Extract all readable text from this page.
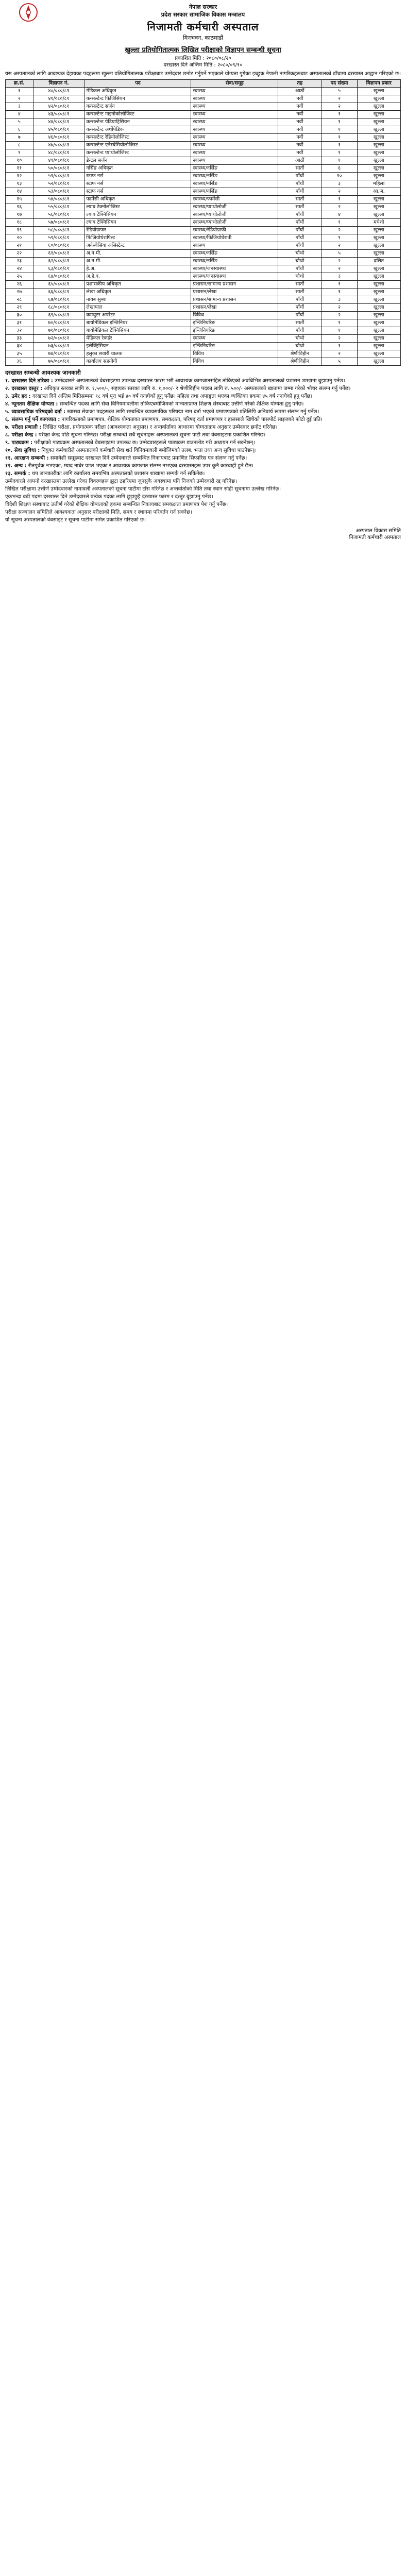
नेपाल सरकार
प्रदेश सरकार सामाजिक विकास मन्त्रालय
निजामती कर्मचारी अस्पताल
मिनभवन, काठमाडौं
खुल्ला प्रतियोगितात्मक लिखित परीक्षाको विज्ञापन सम्बन्धी सूचना
प्रकाशित मिति : २०८०/०८/२०
दरखास्त दिने अन्तिम मिति : २०८०/०९/१०
यस अस्पतालको लागि आवश्यक देहायका पदहरूमा खुल्ला प्रतियोगितात्मक परीक्षाबाट उम्मेदवार छनोट गर्नुपर्ने भएकाले योग्यता पुगेका इच्छुक नेपाली नागरिकहरूबाट अस्पतालको ढाँचामा दरखास्त आह्वान गरिएको छ।
क्र.सं.	विज्ञापन नं.	पद	सेवा/समूह	तह	पद संख्या	विज्ञापन प्रकार
१	४०/०८०/८१	मेडिकल अधिकृत	स्वास्थ्य	आठौं	५	खुल्ला
२	४१/०८०/८१	कन्सल्टेन्ट फिजिसियन	स्वास्थ्य	नवौं	२	खुल्ला
३	४२/०८०/८१	कन्सल्टेन्ट सर्जन	स्वास्थ्य	नवौं	२	खुल्ला
४	४३/०८०/८१	कन्सल्टेन्ट गाइनोकोलोजिस्ट	स्वास्थ्य	नवौं	१	खुल्ला
५	४४/०८०/८१	कन्सल्टेन्ट पेडियाट्रिसियन	स्वास्थ्य	नवौं	१	खुल्ला
६	४५/०८०/८१	कन्सल्टेन्ट अर्थोपेडिक	स्वास्थ्य	नवौं	१	खुल्ला
७	४६/०८०/८१	कन्सल्टेन्ट रेडियोलोजिस्ट	स्वास्थ्य	नवौं	१	खुल्ला
८	४७/०८०/८१	कन्सल्टेन्ट एनेस्थेसियोलोजिस्ट	स्वास्थ्य	नवौं	१	खुल्ला
९	४८/०८०/८१	कन्सल्टेन्ट प्याथोलोजिस्ट	स्वास्थ्य	नवौं	१	खुल्ला
१०	४९/०८०/८१	डेन्टल सर्जन	स्वास्थ्य	आठौं	१	खुल्ला
११	५०/०८०/८१	नर्सिङ अधिकृत	स्वास्थ्य/नर्सिङ	सातौं	६	खुल्ला
१२	५१/०८०/८१	स्टाफ नर्स	स्वास्थ्य/नर्सिङ	पाँचौं	१०	खुल्ला
१३	५२/०८०/८१	स्टाफ नर्स	स्वास्थ्य/नर्सिङ	पाँचौं	३	महिला
१४	५३/०८०/८१	स्टाफ नर्स	स्वास्थ्य/नर्सिङ	पाँचौं	२	आ.ज.
१५	५४/०८०/८१	फार्मेसी अधिकृत	स्वास्थ्य/फार्मेसी	सातौं	१	खुल्ला
१६	५५/०८०/८१	ल्याब टेक्नोलोजिस्ट	स्वास्थ्य/प्याथोलोजी	सातौं	२	खुल्ला
१७	५६/०८०/८१	ल्याब टेक्निसियन	स्वास्थ्य/प्याथोलोजी	पाँचौं	४	खुल्ला
१८	५७/०८०/८१	ल्याब टेक्निसियन	स्वास्थ्य/प्याथोलोजी	पाँचौं	१	मधेशी
१९	५८/०८०/८१	रेडियोग्राफर	स्वास्थ्य/रेडियोग्राफी	पाँचौं	२	खुल्ला
२०	५९/०८०/८१	फिजियोथेरापिस्ट	स्वास्थ्य/फिजियोथेरापी	पाँचौं	१	खुल्ला
२१	६०/०८०/८१	अनेस्थेसिया असिस्टेन्ट	स्वास्थ्य	पाँचौं	२	खुल्ला
२२	६१/०८०/८१	अ.न.मी.	स्वास्थ्य/नर्सिङ	चौथो	५	खुल्ला
२३	६२/०८०/८१	अ.न.मी.	स्वास्थ्य/नर्सिङ	चौथो	२	दलित
२४	६३/०८०/८१	हे.अ.	स्वास्थ्य/जनस्वास्थ्य	पाँचौं	२	खुल्ला
२५	६४/०८०/८१	अ.हे.व.	स्वास्थ्य/जनस्वास्थ्य	चौथो	३	खुल्ला
२६	६५/०८०/८१	प्रशासकीय अधिकृत	प्रशासन/सामान्य प्रशासन	सातौं	१	खुल्ला
२७	६६/०८०/८१	लेखा अधिकृत	प्रशासन/लेखा	सातौं	१	खुल्ला
२८	६७/०८०/८१	नायब सुब्बा	प्रशासन/सामान्य प्रशासन	पाँचौं	३	खुल्ला
२९	६८/०८०/८१	लेखापाल	प्रशासन/लेखा	पाँचौं	२	खुल्ला
३०	६९/०८०/८१	कम्प्युटर अपरेटर	विविध	पाँचौं	२	खुल्ला
३१	७०/०८०/८१	बायोमेडिकल इन्जिनियर	इन्जिनियरिङ	सातौं	१	खुल्ला
३२	७१/०८०/८१	बायोमेडिकल टेक्निसियन	इन्जिनियरिङ	पाँचौं	१	खुल्ला
३३	७२/०८०/८१	मेडिकल रेकर्डर	स्वास्थ्य	चौथो	२	खुल्ला
३४	७३/०८०/८१	इलेक्ट्रिसियन	इन्जिनियरिङ	चौथो	१	खुल्ला
३५	७४/०८०/८१	हलुका सवारी चालक	विविध	श्रेणीविहीन	२	खुल्ला
३६	७५/०८०/८१	कार्यालय सहयोगी	विविध	श्रेणीविहीन	५	खुल्ला
दरखास्त सम्बन्धी आवश्यक जानकारी
१. दरखास्त दिने तरिका : उम्मेदवारले अस्पतालको वेबसाइटमा उपलब्ध दरखास्त फारम भरी आवश्यक कागजातसहित तोकिएको अवधिभित्र अस्पतालको प्रशासन शाखामा बुझाउनु पर्नेछ।
२. दरखास्त दस्तुर : अधिकृत स्तरका लागि रु. १,५००/-, सहायक स्तरका लागि रु. १,०००/- र श्रेणीविहीन पदका लागि रु. ५००/- अस्पतालको खातामा जम्मा गरेको भौचर संलग्न गर्नु पर्नेछ।
३. उमेर हद : दरखास्त दिने अन्तिम मितिसम्ममा १८ वर्ष पूरा भई ४० वर्ष ननाघेको हुनु पर्नेछ। महिला तथा अपाङ्गता भएका व्यक्तिका हकमा ४५ वर्ष ननाघेको हुनु पर्नेछ।
४. न्यूनतम शैक्षिक योग्यता : सम्बन्धित पदका लागि सेवा विनियमावलीमा तोकिएबमोजिमको मान्यताप्राप्त शिक्षण संस्थाबाट उत्तीर्ण गरेको शैक्षिक योग्यता हुनु पर्नेछ।
५. व्यावसायिक परिषद्को दर्ता : स्वास्थ्य सेवाका पदहरूका लागि सम्बन्धित व्यावसायिक परिषद्मा नाम दर्ता भएको प्रमाणपत्रको प्रतिलिपि अनिवार्य रूपमा संलग्न गर्नु पर्नेछ।
६. संलग्न गर्नु पर्ने कागजात : नागरिकताको प्रमाणपत्र, शैक्षिक योग्यताका प्रमाणपत्र, समकक्षता, परिषद् दर्ता प्रमाणपत्र र हालसालै खिचेको पासपोर्ट साइजको फोटो दुई प्रति।
७. परीक्षा प्रणाली : लिखित परीक्षा, प्रयोगात्मक परीक्षा (आवश्यकता अनुसार) र अन्तर्वार्ताका आधारमा योग्यताक्रम अनुसार उम्मेदवार छनोट गरिनेछ।
८. परीक्षा केन्द्र : परीक्षा केन्द्र पछि सूचना गरिनेछ। परीक्षा सम्बन्धी सबै सूचनाहरू अस्पतालको सूचना पाटी तथा वेबसाइटमा प्रकाशित गरिनेछ।
९. पाठ्यक्रम : परीक्षाको पाठ्यक्रम अस्पतालको वेबसाइटमा उपलब्ध छ। उम्मेदवारहरूले पाठ्यक्रम डाउनलोड गरी अध्ययन गर्न सक्नेछन्।
१०. सेवा सुविधा : नियुक्त कर्मचारीले अस्पतालको कर्मचारी सेवा शर्त विनियमावली बमोजिमको तलब, भत्ता तथा अन्य सुविधा पाउनेछन्।
११. आरक्षण सम्बन्धी : समावेशी समूहबाट दरखास्त दिने उम्मेदवारले सम्बन्धित निकायबाट प्रमाणित सिफारिस पत्र संलग्न गर्नु पर्नेछ।
१२. अन्य : रीतपूर्वक नभएका, म्याद नाघेर प्राप्त भएका र आवश्यक कागजात संलग्न नभएका दरखास्तहरू उपर कुनै कारबाही हुने छैन।
१३. सम्पर्क : थप जानकारीका लागि कार्यालय समयभित्र अस्पतालको प्रशासन शाखामा सम्पर्क गर्न सकिनेछ।
उम्मेदवारले आफ्नो दरखास्तमा उल्लेख गरेका विवरणहरू झुटा ठहरिएमा जुनसुकै अवस्थामा पनि निजको उम्मेदवारी रद्द गरिनेछ।
लिखित परीक्षामा उत्तीर्ण उम्मेदवारको नामावली अस्पतालको सूचना पाटीमा टाँस गरिनेछ र अन्तर्वार्ताको मिति तथा स्थान सोही सूचनामा उल्लेख गरिनेछ।
एकभन्दा बढी पदमा दरखास्त दिने उम्मेदवारले प्रत्येक पदका लागि छुट्टाछुट्टै दरखास्त फारम र दस्तुर बुझाउनु पर्नेछ।
विदेशी शिक्षण संस्थाबाट उत्तीर्ण गरेको शैक्षिक योग्यताको हकमा सम्बन्धित निकायबाट समकक्षता प्रमाणपत्र पेश गर्नु पर्नेछ।
परीक्षा सञ्चालन समितिले आवश्यकता अनुसार परीक्षाको मिति, समय र स्थानमा परिवर्तन गर्न सक्नेछ।
यो सूचना अस्पतालको वेबसाइट र सूचना पाटीमा समेत प्रकाशित गरिएको छ।
अस्पताल विकास समिति
निजामती कर्मचारी अस्पताल
